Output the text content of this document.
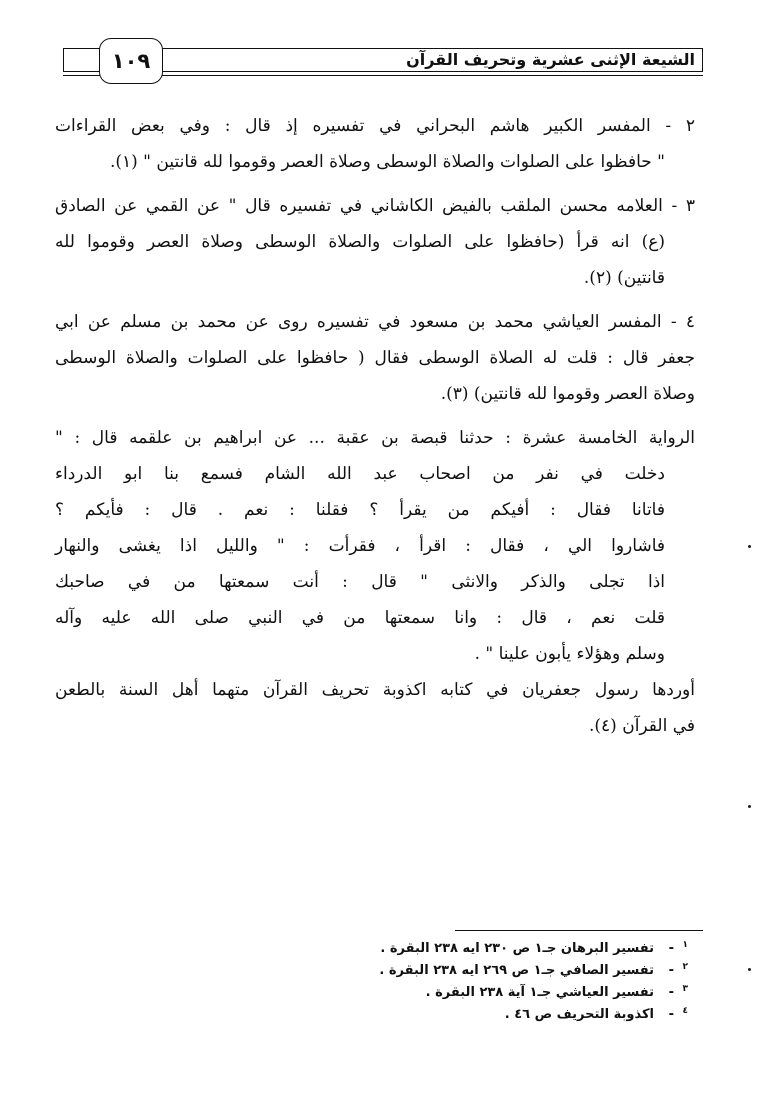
١٠٩	الشيعة الإثنى عشرية وتحريف القرآن
٢ - المفسر الكبير هاشم البحراني في تفسيره إذ قال : وفي بعض القراءات
" حافظوا على الصلوات والصلاة الوسطى وصلاة العصر وقوموا لله قانتين " (١).
٣ - العلامه محسن الملقب بالفيض الكاشاني في تفسيره قال " عن القمي عن الصادق
(ع) انه قرأ (حافظوا على الصلوات والصلاة الوسطى وصلاة العصر وقوموا لله
قانتين) (٢).
٤ - المفسر العياشي محمد بن مسعود في تفسيره روى عن محمد بن مسلم عن ابي
جعفر قال : قلت له الصلاة الوسطى فقال ( حافظوا على الصلوات والصلاة الوسطى
وصلاة العصر وقوموا لله قانتين) (٣).
الرواية الخامسة عشرة : حدثنا قبصة بن عقبة ... عن ابراهيم بن علقمه قال : "
دخلت في نفر من اصحاب عبد الله الشام فسمع بنا ابو الدرداء
فاتانا فقال : أفيكم من يقرأ ؟ فقلنا : نعم . قال : فأيكم ؟
فاشاروا الي ، فقال : اقرأ ، فقرأت : " والليل اذا يغشى والنهار
اذا تجلى والذكر والانثى " قال : أنت سمعتها من في صاحبك
قلت نعم ، قال : وانا سمعتها من في النبي صلى الله عليه وآله
وسلم وهؤلاء يأبون علينا " .
أوردها رسول جعفريان في كتابه اكذوبة تحريف القرآن متهما أهل السنة بالطعن
في القرآن (٤).
١-تفسير البرهان جـ١ ص ٢٣٠ ايه ٢٣٨ البقرة .
٢-تفسير الصافي جـ١ ص ٢٦٩ ايه ٢٣٨ البقرة .
٣-تفسير العياشي جـ١ آية ٢٣٨ البقرة .
٤-اكذوبة التحريف ص ٤٦ .
